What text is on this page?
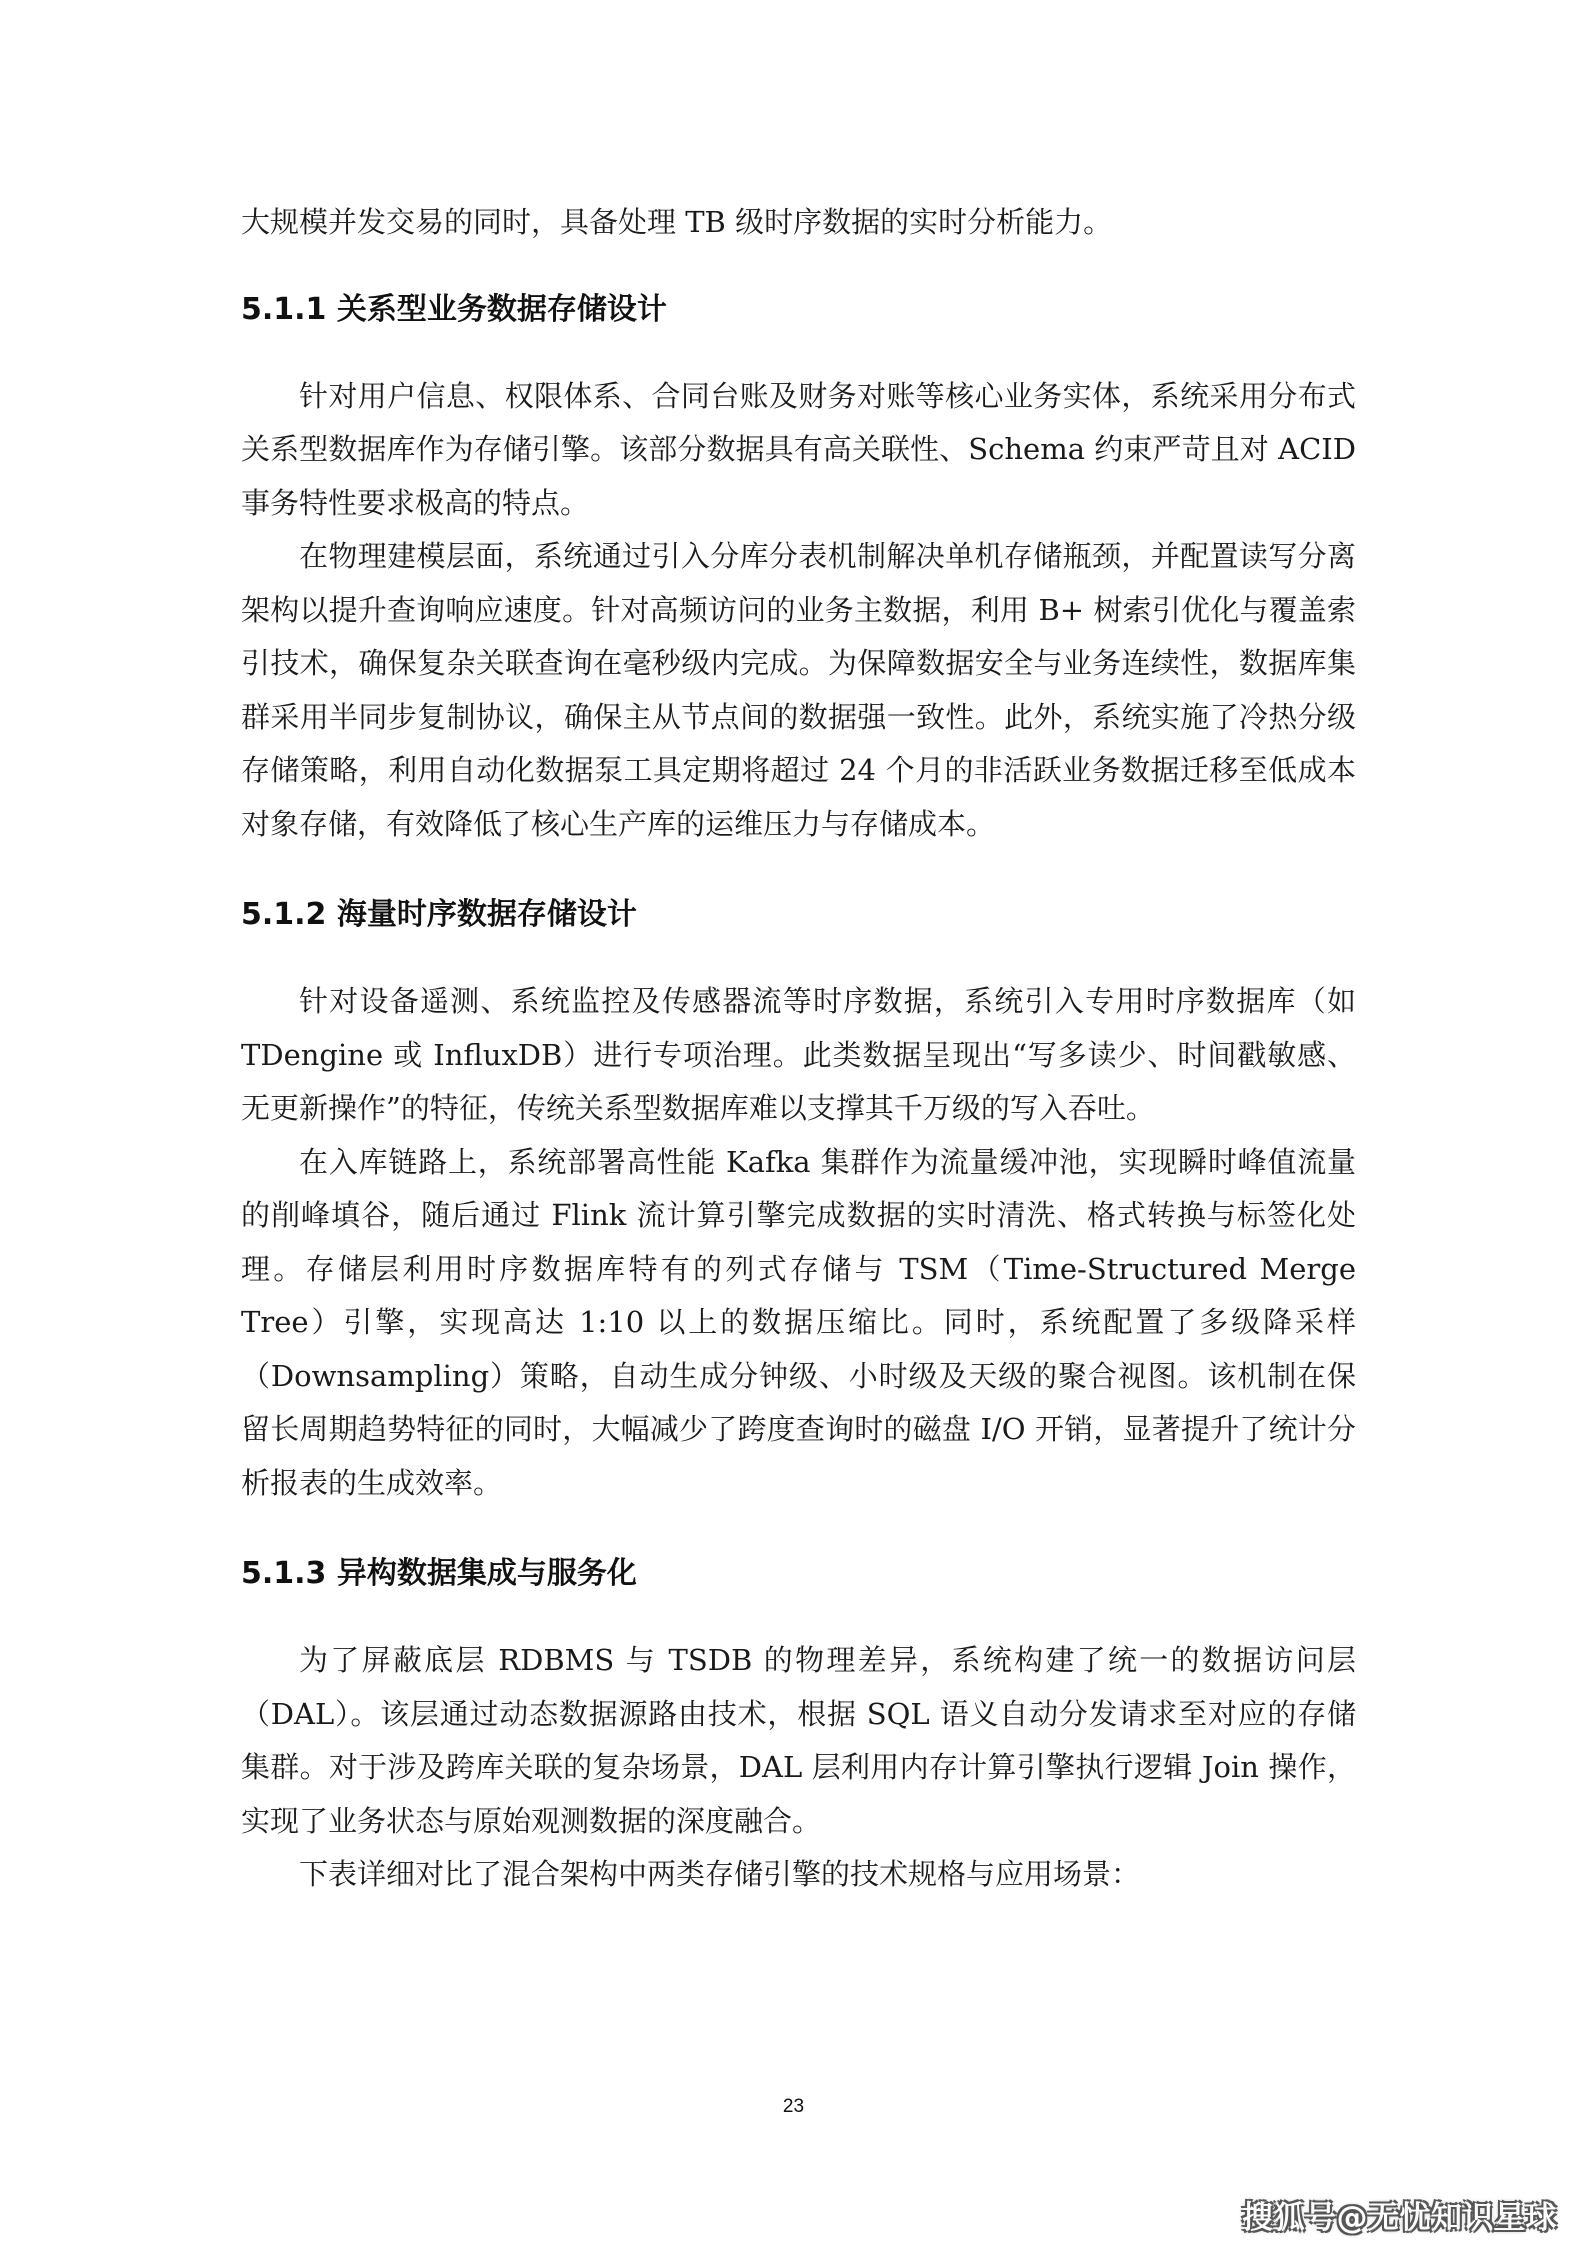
大规模并发交易的同时，具备处理 TB 级时序数据的实时分析能力。

5.1.1 关系型业务数据存储设计

针对用户信息、权限体系、合同台账及财务对账等核心业务实体，系统采用分布式关系型数据库作为存储引擎。该部分数据具有高关联性、Schema 约束严苛且对 ACID 事务特性要求极高的特点。

在物理建模层面，系统通过引入分库分表机制解决单机存储瓶颈，并配置读写分离架构以提升查询响应速度。针对高频访问的业务主数据，利用 B+ 树索引优化与覆盖索引技术，确保复杂关联查询在毫秒级内完成。为保障数据安全与业务连续性，数据库集群采用半同步复制协议，确保主从节点间的数据强一致性。此外，系统实施了冷热分级存储策略，利用自动化数据泵工具定期将超过 24 个月的非活跃业务数据迁移至低成本对象存储，有效降低了核心生产库的运维压力与存储成本。

5.1.2 海量时序数据存储设计

针对设备遥测、系统监控及传感器流等时序数据，系统引入专用时序数据库（如 TDengine 或 InfluxDB）进行专项治理。此类数据呈现出“写多读少、时间戳敏感、无更新操作”的特征，传统关系型数据库难以支撑其千万级的写入吞吐。

在入库链路上，系统部署高性能 Kafka 集群作为流量缓冲池，实现瞬时峰值流量的削峰填谷，随后通过 Flink 流计算引擎完成数据的实时清洗、格式转换与标签化处理。存储层利用时序数据库特有的列式存储与 TSM（Time-Structured Merge Tree）引擎，实现高达 1:10 以上的数据压缩比。同时，系统配置了多级降采样（Downsampling）策略，自动生成分钟级、小时级及天级的聚合视图。该机制在保留长周期趋势特征的同时，大幅减少了跨度查询时的磁盘 I/O 开销，显著提升了统计分析报表的生成效率。

5.1.3 异构数据集成与服务化

为了屏蔽底层 RDBMS 与 TSDB 的物理差异，系统构建了统一的数据访问层（DAL）。该层通过动态数据源路由技术，根据 SQL 语义自动分发请求至对应的存储集群。对于涉及跨库关联的复杂场景，DAL 层利用内存计算引擎执行逻辑 Join 操作，实现了业务状态与原始观测数据的深度融合。

下表详细对比了混合架构中两类存储引擎的技术规格与应用场景：

23
搜狐号@无忧知识星球
